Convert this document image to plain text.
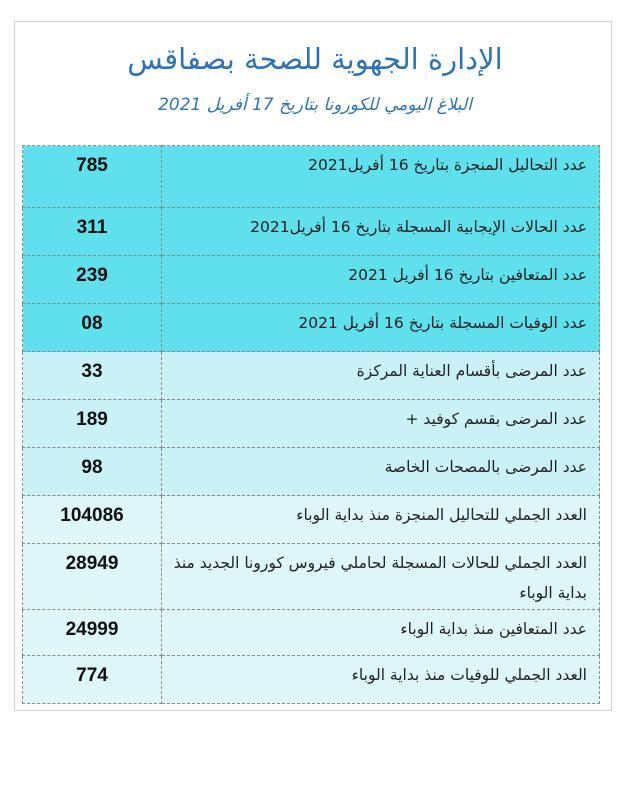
الإدارة الجهوية للصحة بصفاقس
البلاغ اليومي للكورونا بتاريخ 17 أفريل 2021
785	عدد التحاليل المنجزة بتاريخ 16 أفريل2021
311	عدد الحالات الإيجابية المسجلة بتاريخ 16 أفريل2021
239	عدد المتعافين بتاريخ 16 أفريل 2021
08	عدد الوفيات المسجلة بتاريخ 16 أفريل 2021
33	عدد المرضى بأقسام العناية المركزة
189	عدد المرضى بقسم كوفيد +
98	عدد المرضى بالمصحات الخاصة
104086	العدد الجملي للتحاليل المنجزة منذ بداية الوباء
28949	العدد الجملي للحالات المسجلة لحاملي فيروس كورونا الجديد منذ بداية الوباء
24999	عدد المتعافين منذ بداية الوباء
774	العدد الجملي للوفيات منذ بداية الوباء
